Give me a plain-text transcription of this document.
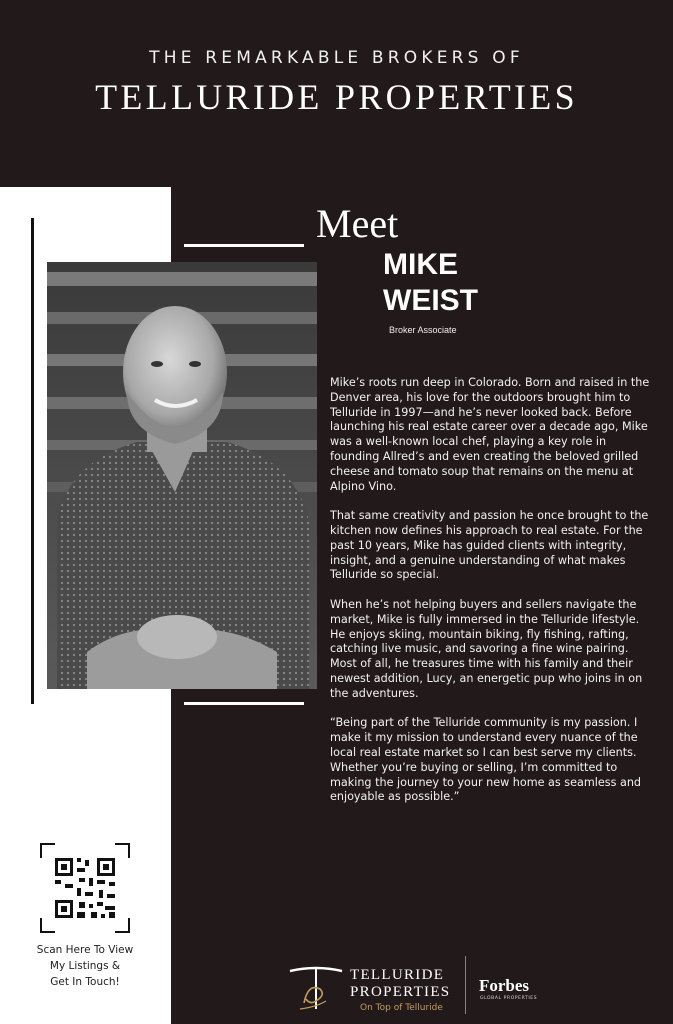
THE REMARKABLE BROKERS OF
TELLURIDE PROPERTIES
Meet
MIKE
WEIST
Broker Associate

Mike’s roots run deep in Colorado. Born and raised in the Denver area, his love for the outdoors brought him to Telluride in 1997—and he’s never looked back. Before launching his real estate career over a decade ago, Mike was a well-known local chef, playing a key role in founding Allred’s and even creating the beloved grilled cheese and tomato soup that remains on the menu at Alpino Vino.

That same creativity and passion he once brought to the kitchen now defines his approach to real estate. For the past 10 years, Mike has guided clients with integrity, insight, and a genuine understanding of what makes Telluride so special.

When he’s not helping buyers and sellers navigate the market, Mike is fully immersed in the Telluride lifestyle. He enjoys skiing, mountain biking, fly fishing, rafting, catching live music, and savoring a fine wine pairing. Most of all, he treasures time with his family and their newest addition, Lucy, an energetic pup who joins in on the adventures.

“Being part of the Telluride community is my passion. I make it my mission to understand every nuance of the local real estate market so I can best serve my clients. Whether you’re buying or selling, I’m committed to making the journey to your new home as seamless and enjoyable as possible.”

Scan Here To View
My Listings &
Get In Touch!	TELLURIDE
PROPERTIES
On Top of Telluride
Forbes
GLOBAL PROPERTIES
